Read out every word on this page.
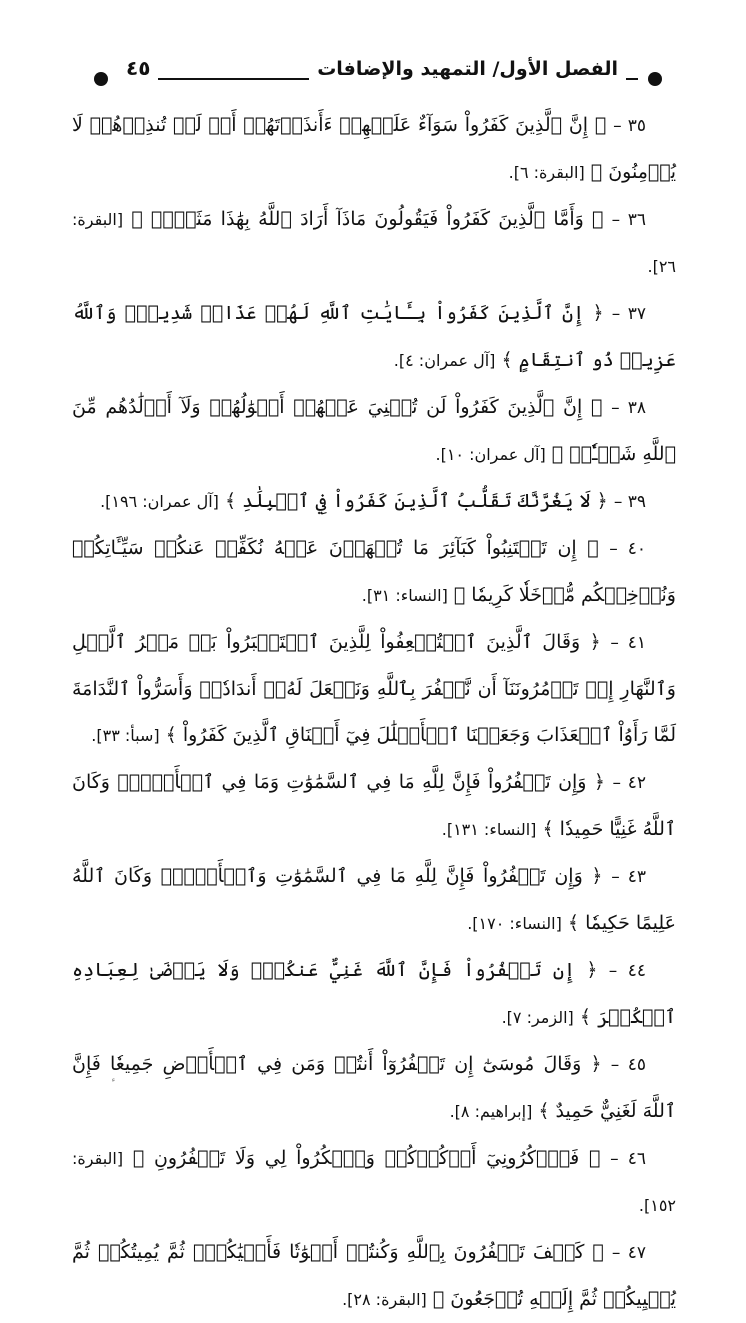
الفصل الأول/ التمهيد والإضافات
٤٥

٣٥ – ﴿ إِنَّ ٱلَّذِينَ كَفَرُواْ سَوَآءٌ عَلَيۡهِمۡ ءَأَنذَرۡتَهُمۡ أَمۡ لَمۡ تُنذِرۡهُمۡ لَا يُؤۡمِنُونَ ﴾ [البقرة: ٦].

٣٦ – ﴿ وَأَمَّا ٱلَّذِينَ كَفَرُواْ فَيَقُولُونَ مَاذَآ أَرَادَ ٱللَّهُ بِهَٰذَا مَثَلٗاۘ ﴾ [البقرة: ٢٦].

٣٧ – ﴿ إِنَّ ٱلَّذِينَ كَفَرُواْ بِـَٔايَٰتِ ٱللَّهِ لَهُمۡ عَذَابٞ شَدِيدٞۗ وَٱللَّهُ عَزِيزٞ ذُو ٱنتِقَامٍ ﴾ [آل عمران: ٤].

٣٨ – ﴿ إِنَّ ٱلَّذِينَ كَفَرُواْ لَن تُغۡنِيَ عَنۡهُمۡ أَمۡوَٰلُهُمۡ وَلَآ أَوۡلَٰدُهُم مِّنَ ٱللَّهِ شَيۡـٔٗاۖ ﴾ [آل عمران: ١٠].

٣٩ – ﴿ لَا يَغُرَّنَّكَ تَقَلُّبُ ٱلَّذِينَ كَفَرُواْ فِي ٱلۡبِلَٰدِ ﴾ [آل عمران: ١٩٦].

٤٠ – ﴿ إِن تَجۡتَنِبُواْ كَبَآئِرَ مَا تُنۡهَوۡنَ عَنۡهُ نُكَفِّرۡ عَنكُمۡ سَيِّـَٔاتِكُمۡ وَنُدۡخِلۡكُم مُّدۡخَلٗا كَرِيمٗا ﴾ [النساء: ٣١].

٤١ – ﴿ وَقَالَ ٱلَّذِينَ ٱسۡتُضۡعِفُواْ لِلَّذِينَ ٱسۡتَكۡبَرُواْ بَلۡ مَكۡرُ ٱلَّيۡلِ وَٱلنَّهَارِ إِذۡ تَأۡمُرُونَنَآ أَن نَّكۡفُرَ بِٱللَّهِ وَنَجۡعَلَ لَهُۥٓ أَندَادٗاۚ وَأَسَرُّواْ ٱلنَّدَامَةَ لَمَّا رَأَوُاْ ٱلۡعَذَابَ وَجَعَلۡنَا ٱلۡأَغۡلَٰلَ فِيٓ أَعۡنَاقِ ٱلَّذِينَ كَفَرُواْ ﴾ [سبأ: ٣٣].

٤٢ – ﴿ وَإِن تَكۡفُرُواْ فَإِنَّ لِلَّهِ مَا فِي ٱلسَّمَٰوَٰتِ وَمَا فِي ٱلۡأَرۡضِۚ وَكَانَ ٱللَّهُ غَنِيًّا حَمِيدٗا ﴾ [النساء: ١٣١].

٤٣ – ﴿ وَإِن تَكۡفُرُواْ فَإِنَّ لِلَّهِ مَا فِي ٱلسَّمَٰوَٰتِ وَٱلۡأَرۡضِۚ وَكَانَ ٱللَّهُ عَلِيمًا حَكِيمٗا ﴾ [النساء: ١٧٠].

٤٤ – ﴿ إِن تَكۡفُرُواْ فَإِنَّ ٱللَّهَ غَنِيٌّ عَنكُمۡۖ وَلَا يَرۡضَىٰ لِعِبَادِهِ ٱلۡكُفۡرَ ﴾ [الزمر: ٧].

٤٥ – ﴿ وَقَالَ مُوسَىٰٓ إِن تَكۡفُرُوٓاْ أَنتُمۡ وَمَن فِي ٱلۡأَرۡضِ جَمِيعٗا فَإِنَّ ٱللَّهَ لَغَنِيٌّ حَمِيدٌ ﴾ [إبراهيم: ٨].

٤٦ – ﴿ فَٱذۡكُرُونِيٓ أَذۡكُرۡكُمۡ وَٱشۡكُرُواْ لِي وَلَا تَكۡفُرُونِ ﴾ [البقرة: ١٥٢].

٤٧ – ﴿ كَيۡفَ تَكۡفُرُونَ بِٱللَّهِ وَكُنتُمۡ أَمۡوَٰتٗا فَأَحۡيَٰكُمۡۖ ثُمَّ يُمِيتُكُمۡ ثُمَّ يُحۡيِيكُمۡ ثُمَّ إِلَيۡهِ تُرۡجَعُونَ ﴾ [البقرة: ٢٨].
